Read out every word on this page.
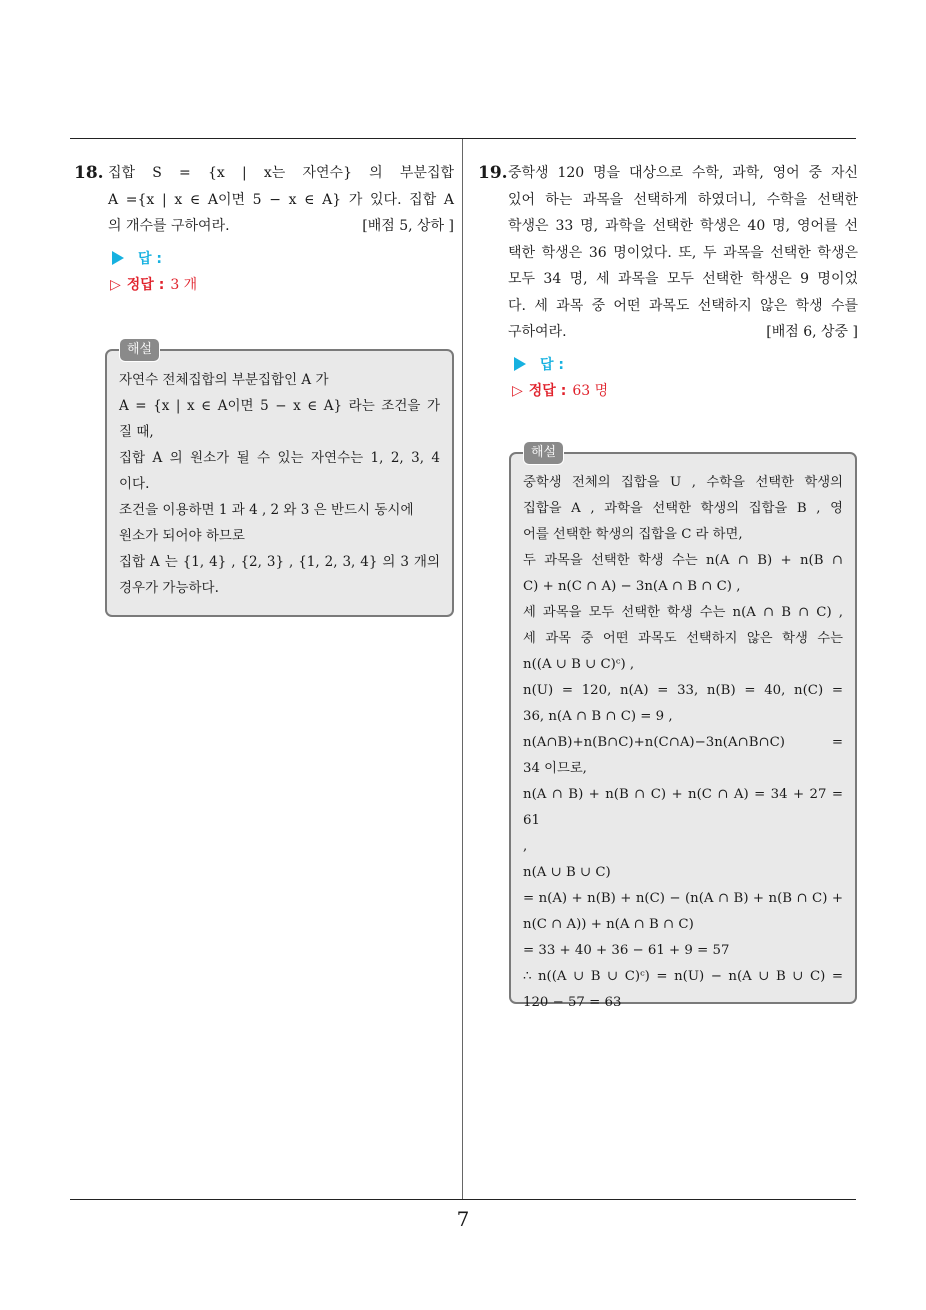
7
18. 집합 S = {x | x는 자연수} 의 부분집합
A ={x | x ∈ A이면 5 − x ∈ A} 가 있다. 집합 A
의 개수를 구하여라.	[배점 5, 상하 ]
답 :
▷ 정답 : 3 개
해설
자연수 전체집합의 부분집합인 A 가
A = {x | x ∈ A이면 5 − x ∈ A} 라는 조건을 가
질 때,
집합 A 의 원소가 될 수 있는 자연수는 1, 2, 3, 4
이다.
조건을 이용하면 1 과 4 , 2 와 3 은 반드시 동시에
원소가 되어야 하므로
집합 A 는 {1, 4} , {2, 3} , {1, 2, 3, 4} 의 3 개의
경우가 가능하다.
19. 중학생 120 명을 대상으로 수학, 과학, 영어 중 자신
있어 하는 과목을 선택하게 하였더니, 수학을 선택한
학생은 33 명, 과학을 선택한 학생은 40 명, 영어를 선
택한 학생은 36 명이었다. 또, 두 과목을 선택한 학생은
모두 34 명, 세 과목을 모두 선택한 학생은 9 명이었
다. 세 과목 중 어떤 과목도 선택하지 않은 학생 수를
구하여라.	[배점 6, 상중 ]
답 :
▷ 정답 : 63 명
해설
중학생 전체의 집합을 U , 수학을 선택한 학생의
집합을 A , 과학을 선택한 학생의 집합을 B , 영
어를 선택한 학생의 집합을 C 라 하면,
두 과목을 선택한 학생 수는 n(A ∩ B) + n(B ∩
C) + n(C ∩ A) − 3n(A ∩ B ∩ C) ,
세 과목을 모두 선택한 학생 수는 n(A ∩ B ∩ C) ,
세 과목 중 어떤 과목도 선택하지 않은 학생 수는
n((A ∪ B ∪ C)ᶜ) ,
n(U) = 120, n(A) = 33, n(B) = 40, n(C) =
36, n(A ∩ B ∩ C) = 9 ,
n(A∩B)+n(B∩C)+n(C∩A)−3n(A∩B∩C) =
34 이므로,
n(A ∩ B) + n(B ∩ C) + n(C ∩ A) = 34 + 27 = 61
,
n(A ∪ B ∪ C)
= n(A) + n(B) + n(C) − (n(A ∩ B) + n(B ∩ C) +
n(C ∩ A)) + n(A ∩ B ∩ C)
= 33 + 40 + 36 − 61 + 9 = 57
∴ n((A ∪ B ∪ C)ᶜ) = n(U) − n(A ∪ B ∪ C) =
120 − 57 = 63
